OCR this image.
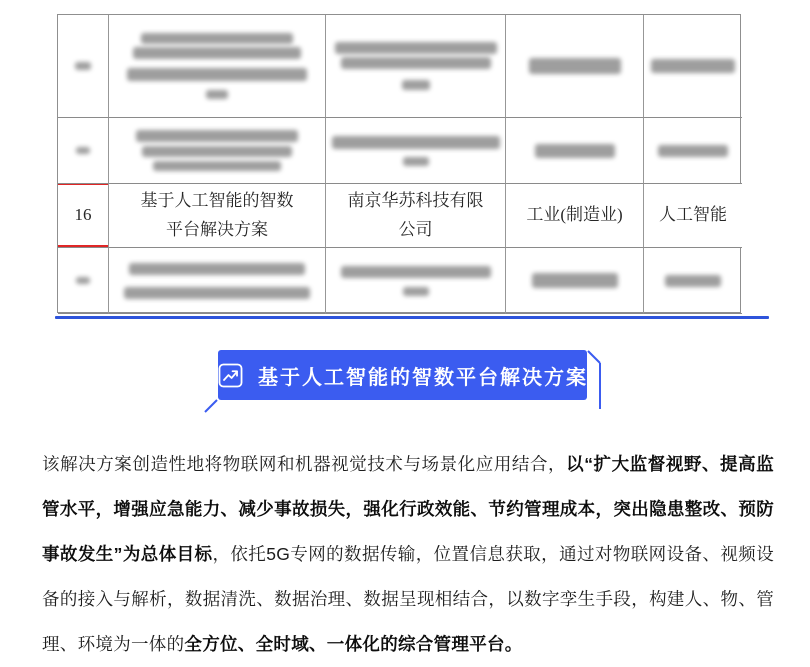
16
基于人工智能的智数平台解决方案
南京华苏科技有限公司
工业(制造业) 人工智能
基于人工智能的智数平台解决方案

该解决方案创造性地将物联网和机器视觉技术与场景化应用结合，以“扩大监督视野、提高监管水平，增强应急能力、减少事故损失，强化行政效能、节约管理成本，突出隐患整改、预防事故发生”为总体目标，依托5G专网的数据传输，位置信息获取，通过对物联网设备、视频设备的接入与解析，数据清洗、数据治理、数据呈现相结合，以数字孪生手段，构建人、物、管理、环境为一体的全方位、全时域、一体化的综合管理平台。
